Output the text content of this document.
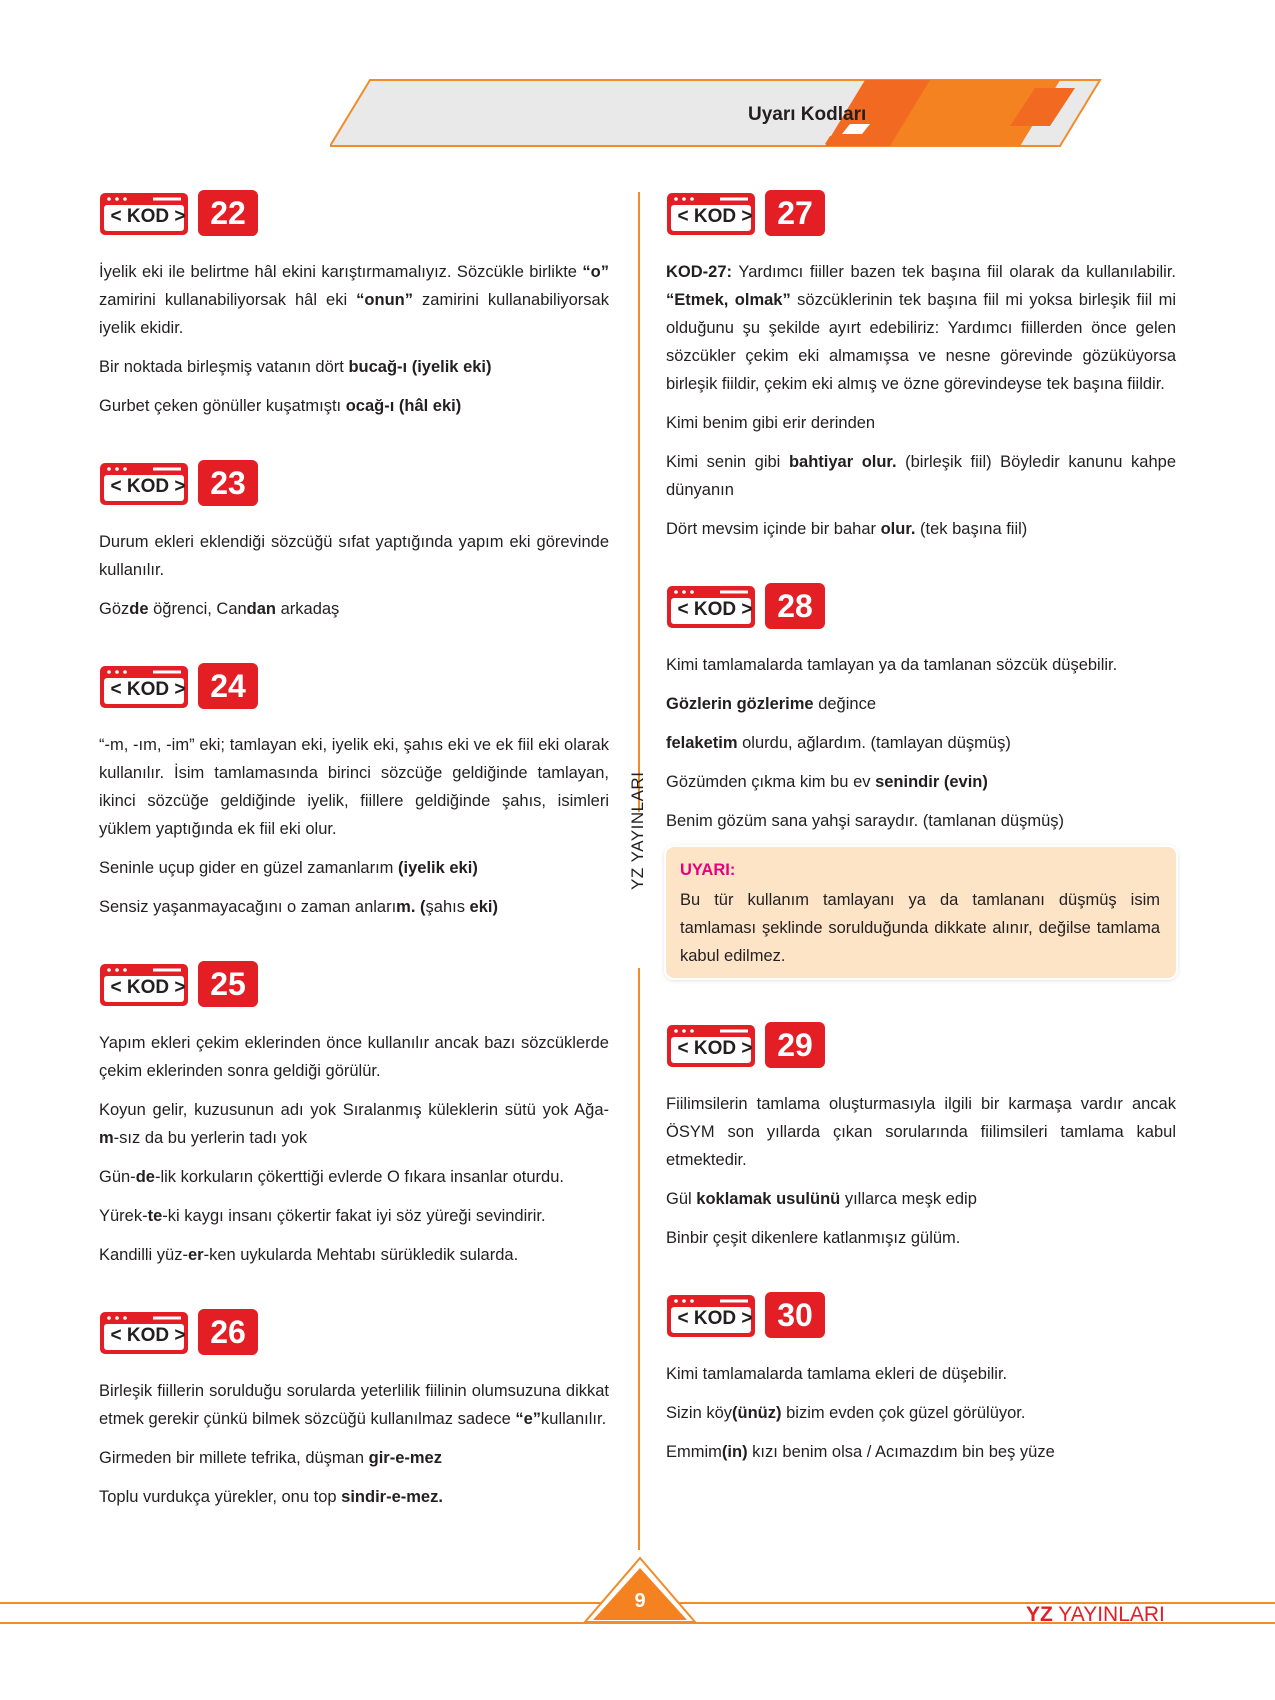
Uyarı Kodları
YZ YAYINLARI
< KOD > 22

İyelik eki ile belirtme hâl ekini karıştırmamalıyız. Sözcükle birlikte “o” zamirini kullanabiliyorsak hâl eki “onun” zamirini kullanabiliyorsak iyelik ekidir.

Bir noktada birleşmiş vatanın dört bucağ-ı (iyelik eki)

Gurbet çeken gönüller kuşatmıştı ocağ-ı (hâl eki)

< KOD > 23

Durum ekleri eklendiği sözcüğü sıfat yaptığında yapım eki görevinde kullanılır.

Gözde öğrenci, Candan arkadaş

< KOD > 24

“-m, -ım, -im” eki; tamlayan eki, iyelik eki, şahıs eki ve ek fiil eki olarak kullanılır. İsim tamlamasında birinci sözcüğe geldiğinde tamlayan, ikinci sözcüğe geldiğinde iyelik, fiillere geldiğinde şahıs, isimleri yüklem yaptığında ek fiil eki olur.

Seninle uçup gider en güzel zamanlarım (iyelik eki)

Sensiz yaşanmayacağını o zaman anlarım. (şahıs eki)

< KOD > 25

Yapım ekleri çekim eklerinden önce kullanılır ancak bazı sözcüklerde çekim eklerinden sonra geldiği görülür.

Koyun gelir, kuzusunun adı yok Sıralanmış küleklerin sütü yok Ağa-m-sız da bu yerlerin tadı yok

Gün-de-lik korkuların çökerttiği evlerde O fıkara insanlar oturdu.

Yürek-te-ki kaygı insanı çökertir fakat iyi söz yüreği sevindirir.

Kandilli yüz-er-ken uykularda Mehtabı sürükledik sularda.

< KOD > 26

Birleşik fiillerin sorulduğu sorularda yeterlilik fiilinin olumsuzuna dikkat etmek gerekir çünkü bilmek sözcüğü kullanılmaz sadece “e”kullanılır.

Girmeden bir millete tefrika, düşman gir-e-mez

Toplu vurdukça yürekler, onu top sindir-e-mez.

< KOD > 27

KOD-27: Yardımcı fiiller bazen tek başına fiil olarak da kullanılabilir. “Etmek, olmak” sözcüklerinin tek başına fiil mi yoksa birleşik fiil mi olduğunu şu şekilde ayırt edebiliriz: Yardımcı fiillerden önce gelen sözcükler çekim eki almamışsa ve nesne görevinde gözüküyorsa birleşik fiildir, çekim eki almış ve özne görevindeyse tek başına fiildir.

Kimi benim gibi erir derinden

Kimi senin gibi bahtiyar olur. (birleşik fiil) Böyledir kanunu kahpe dünyanın

Dört mevsim içinde bir bahar olur. (tek başına fiil)

< KOD > 28

Kimi tamlamalarda tamlayan ya da tamlanan sözcük düşebilir.

Gözlerin gözlerime değince

felaketim olurdu, ağlardım. (tamlayan düşmüş)

Gözümden çıkma kim bu ev senindir (evin)

Benim gözüm sana yahşi saraydır. (tamlanan düşmüş)

UYARI:

Bu tür kullanım tamlayanı ya da tamlananı düşmüş isim tamlaması şeklinde sorulduğunda dikkate alınır, değilse tamlama kabul edilmez.

< KOD > 29

Fiilimsilerin tamlama oluşturmasıyla ilgili bir karmaşa vardır ancak ÖSYM son yıllarda çıkan sorularında fiilimsileri tamlama kabul etmektedir.

Gül koklamak usulünü yıllarca meşk edip

Binbir çeşit dikenlere katlanmışız gülüm.

< KOD > 30

Kimi tamlamalarda tamlama ekleri de düşebilir.

Sizin köy(ünüz) bizim evden çok güzel görülüyor.

Emmim(in) kızı benim olsa / Acımazdım bin beş yüze

9
YZ YAYINLARI
